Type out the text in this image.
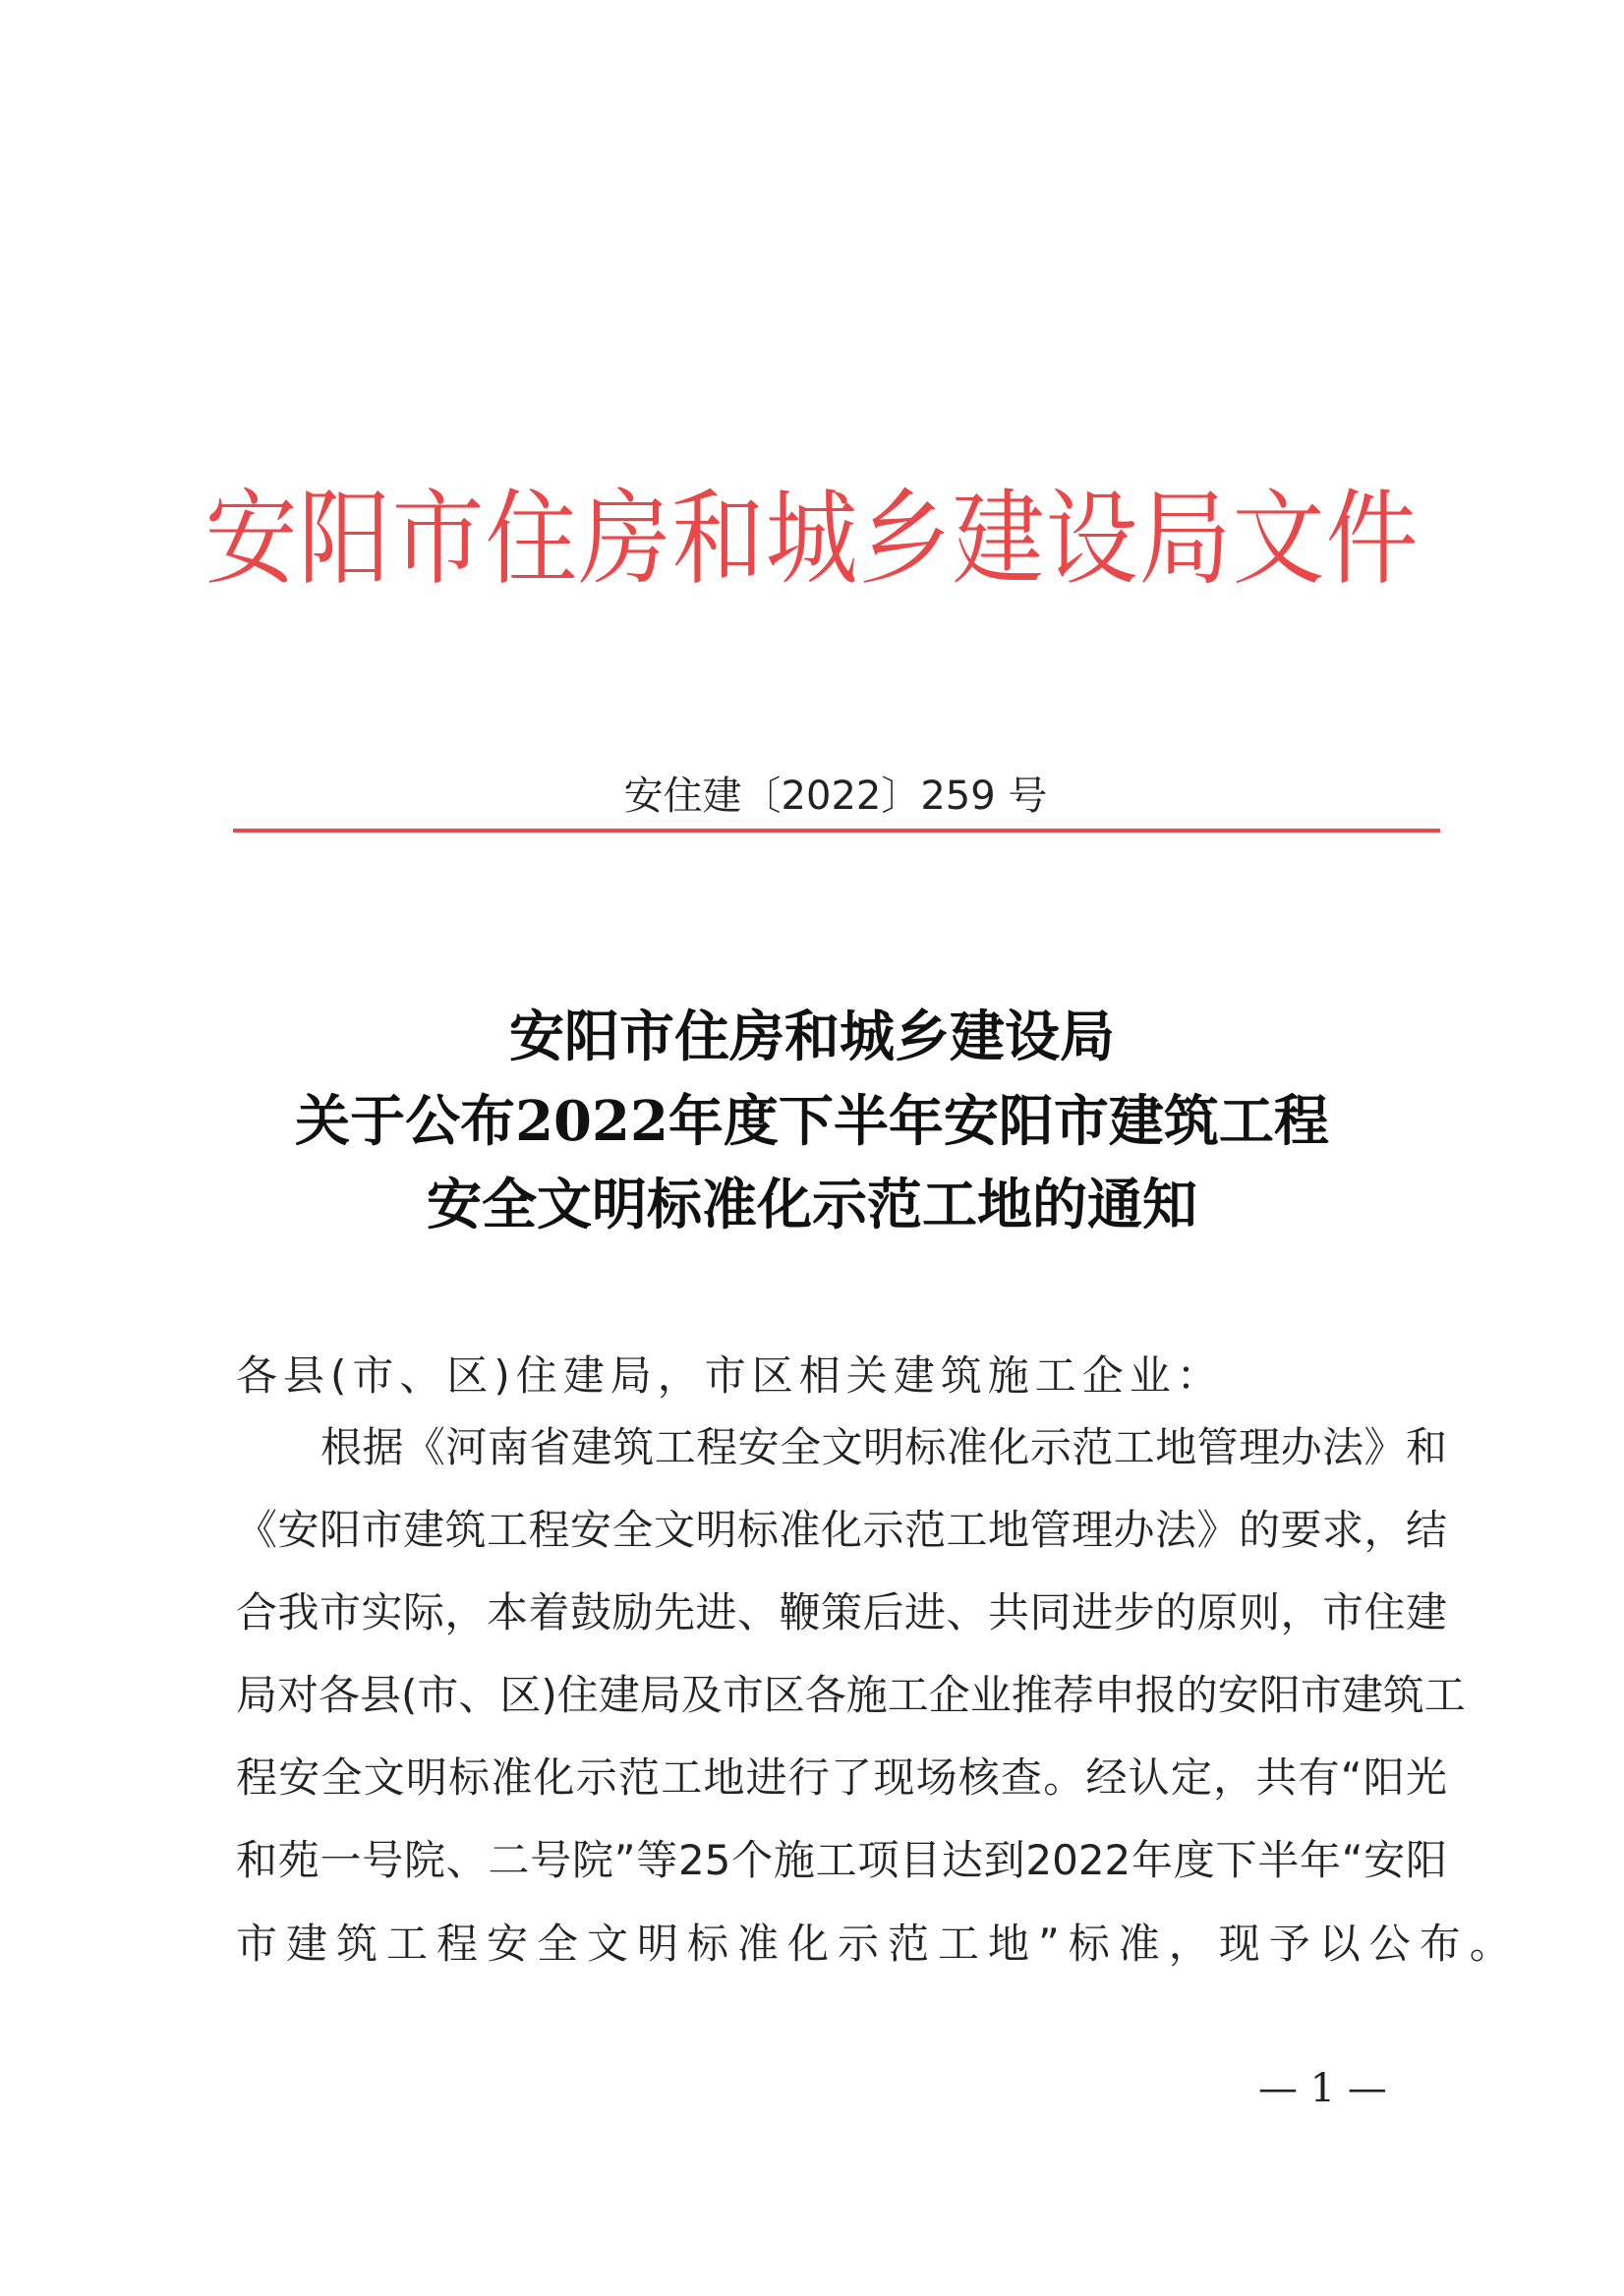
安阳市住房和城乡建设局文件
安住建〔2022〕259 号
安阳市住房和城乡建设局
关于公布2022年度下半年安阳市建筑工程
安全文明标准化示范工地的通知
各县(市、区)住建局，市区相关建筑施工企业：
根据《河南省建筑工程安全文明标准化示范工地管理办法》和
《安阳市建筑工程安全文明标准化示范工地管理办法》的要求，结
合我市实际，本着鼓励先进、鞭策后进、共同进步的原则，市住建
局对各县(市、区)住建局及市区各施工企业推荐申报的安阳市建筑工
程安全文明标准化示范工地进行了现场核查。经认定，共有“阳光
和苑一号院、二号院”等25个施工项目达到2022年度下半年“安阳
市建筑工程安全文明标准化示范工地”标准，现予以公布。
— 1 —
